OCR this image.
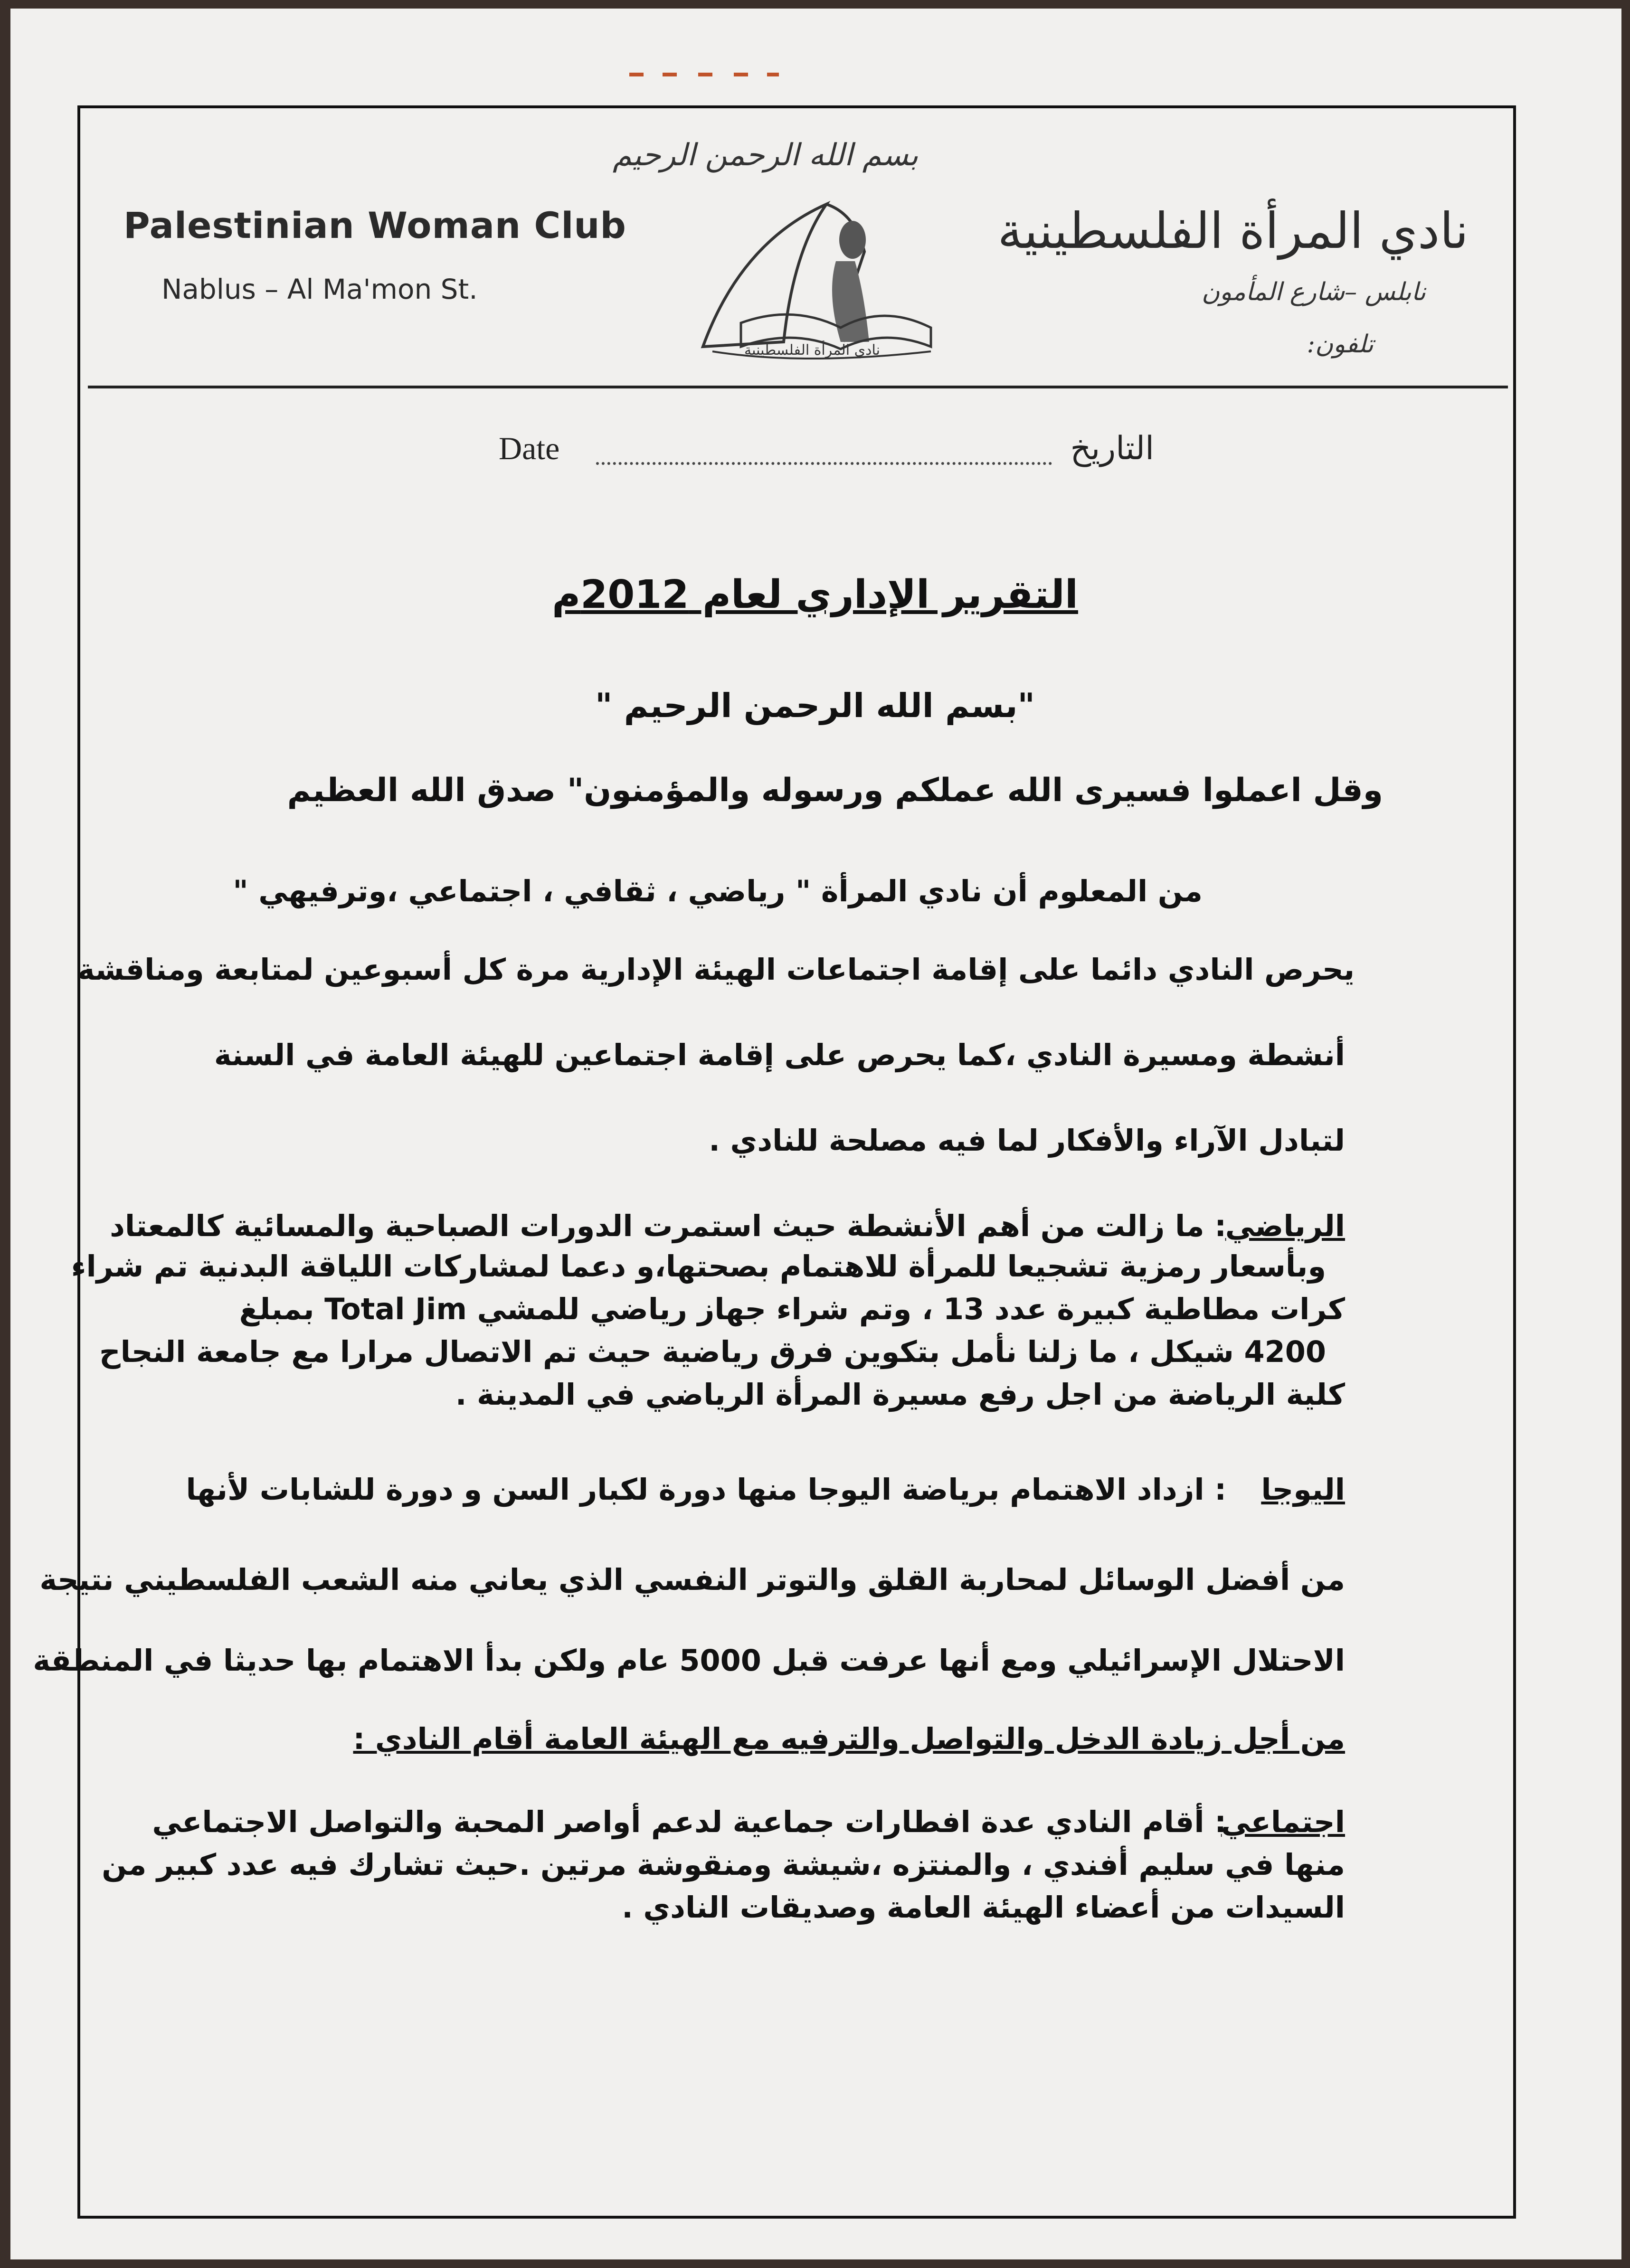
بسم الله الرحمن الرحيم
Palestinian Woman Club
Nablus – Al Ma'mon St.
نادي المرأة الفلسطينية
نابلس –شارع المأمون
تلفون:
نادي المرأة الفلسطينية
Date	التاريخ
التقرير الإداري لعام 2012م
"بسم الله الرحمن الرحيم "
وقل اعملوا فسيرى الله عملكم ورسوله والمؤمنون" صدق الله العظيم
من المعلوم أن نادي المرأة " رياضي ، ثقافي ، اجتماعي ،وترفيهي "
يحرص النادي دائما على إقامة اجتماعات الهيئة الإدارية مرة كل أسبوعين لمتابعة ومناقشة
أنشطة ومسيرة النادي ،كما يحرص على إقامة اجتماعين للهيئة العامة في السنة
لتبادل الآراء والأفكار لما فيه مصلحة للنادي .
الرياضي
: ما زالت من أهم الأنشطة حيث استمرت الدورات الصباحية والمسائية كالمعتاد
وبأسعار رمزية تشجيعا للمرأة للاهتمام بصحتها،و دعما لمشاركات اللياقة البدنية تم شراء
كرات مطاطية كبيرة عدد 13 ، وتم شراء جهاز رياضي للمشي Total Jim بمبلغ
4200 شيكل ، ما زلنا نأمل بتكوين فرق رياضية حيث تم الاتصال مرارا مع جامعة النجاح
كلية الرياضة من اجل رفع مسيرة المرأة الرياضي في المدينة .
اليوجا
: ازداد الاهتمام برياضة اليوجا منها دورة لكبار السن و دورة للشابات لأنها
من أفضل الوسائل لمحاربة القلق والتوتر النفسي الذي يعاني منه الشعب الفلسطيني نتيجة
الاحتلال الإسرائيلي ومع أنها عرفت قبل 5000 عام ولكن بدأ الاهتمام بها حديثا في المنطقة
من أجل زيادة الدخل والتواصل والترفيه مع الهيئة العامة أقام النادي :
اجتماعي
: أقام النادي عدة افطارات جماعية لدعم أواصر المحبة والتواصل الاجتماعي
منها في سليم أفندي ، والمنتزه ،شيشة ومنقوشة مرتين .حيث تشارك فيه عدد كبير من
السيدات من أعضاء الهيئة العامة وصديقات النادي .
